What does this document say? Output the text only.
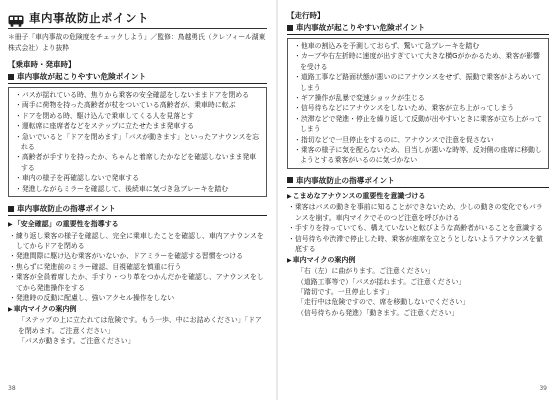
車内事故防止ポイント
＊冊子「車内事故の危険度をチェックしよう」／監修：鳥越勇氏（クレフィール湖東株式会社）より抜粋
【乗車時・発車時】
車内事故が起こりやすい危険ポイント
・ バスが揺れている時、焦りから乗客の安全確認をしないままドアを閉める
・ 両手に荷物を持った高齢者が杖をついている高齢者が、乗車時に転ぶ
・ ドアを閉める時、駆け込んで乗車してくる人を見落とす
・ 運転席に座席者などをステップに立たせたまま発車する
・ 急いでいると「ドアを閉めます」「バスが動きます」といったアナウンスを忘れる
・ 高齢者が手すりを持ったか、ちゃんと着席したかなどを確認しないまま発車する
・ 車内の様子を再確認しないで発車する
・ 発進しながらミラーを確認して、後続車に気づき急ブレーキを踏む
車内事故防止の指導ポイント
▶ 「安全確認」の重要性を指導する
・ 練り返し乗客の様子を確認し、完全に乗車したことを確認し、車内アナウンスをしてからドアを閉める
・ 発進間際に駆け込む乗客がいないか、ドアミラーを確認する習慣をつける
・ 焦らずに発進前のミラー確認、目視確認を慎重に行う
・ 乗客が全員着席したか、手すり・つり革をつかんだかを確認し、アナウンスをしてから発進操作をする
・ 発進時の反動に配慮し、強いアクセル操作をしない
▶ 車内マイクの案内例
「ステップの上に立たれては危険です。もう一歩、中にお詰めください」「ドアを閉めます。ご注意ください」
「バスが動きます。ご注意ください」
38
【走行時】
車内事故が起こりやすい危険ポイント
・ 他車の割込みを予測しておらず、驚いて急ブレーキを踏む
・ カーブや右左折時に速度が出すぎていて大きな横Gがかかるため、乗客が影響を受ける
・ 道路工事など路面状態が悪いのにアナウンスをせず、振動で乗客がよろめいてしまう
・ ギア操作が乱暴で変速ショックが生じる
・ 信号待ちなどにアナウンスをしないため、乗客が立ち上がってしまう
・ 渋滞などで発進・停止を繰り返して反動が出やすいときに乗客が立ち上がってしまう
・ 指切などで一旦停止をするのに、アナウンスで注意を促さない
・ 乗客の様子に気を配らないため、目当しが悪いな時等、反対側の座席に移動しようとする乗客がいるのに気づかない
車内事故防止の指導ポイント
▶ こまめなアナウンスの重要性を意識づける
・ 乗客はバスの動きを事前に知ることができないため、少しの動きの変化でもバランスを崩す。車内マイクでそのつど注意を呼びかける
・ 手すりを持っていても、構えていないと転びような高齢者がいることを意識する
・ 信号待ちや渋滞で停止した時、乗客が座席を立とうとしないようアナウンスを徹底する
▶ 車内マイクの案内例
「右（左）に曲がります。ご注意ください」
（道路工事等で）「バスが揺れます。ご注意ください」
「踏切です。一旦停止します」
「走行中は危険ですので、席を移動しないでください」
（信号待ちから発進）「動きます。ご注意ください」
39
